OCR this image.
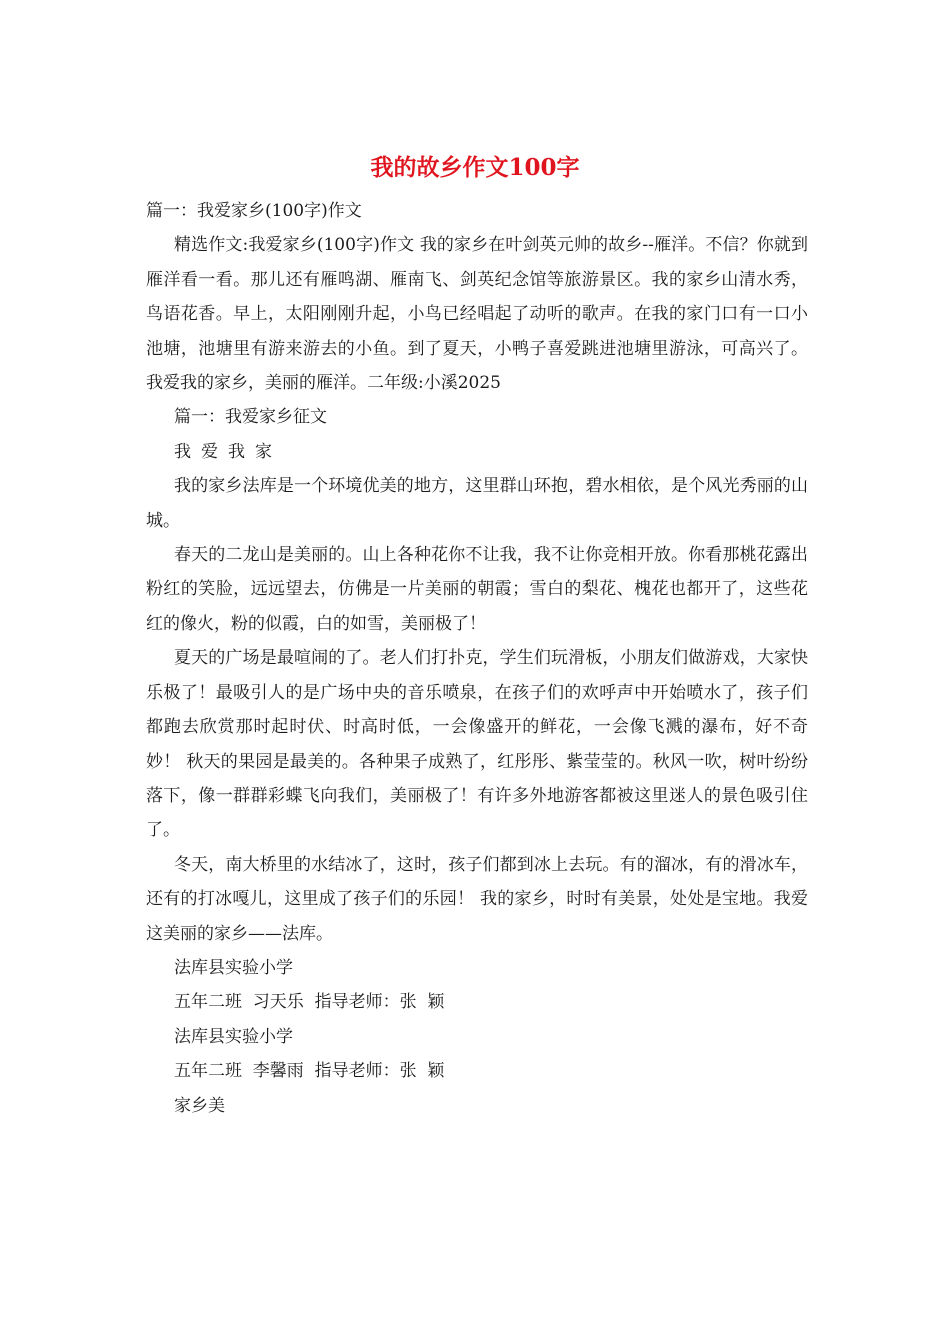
我的故乡作文100字

篇一：我爱家乡(100字)作文

精选作文:我爱家乡(100字)作文 我的家乡在叶剑英元帅的故乡--雁洋。不信？你就到雁洋看一看。那儿还有雁鸣湖、雁南飞、剑英纪念馆等旅游景区。我的家乡山清水秀，鸟语花香。早上，太阳刚刚升起，小鸟已经唱起了动听的歌声。在我的家门口有一口小池塘，池塘里有游来游去的小鱼。到了夏天，小鸭子喜爱跳进池塘里游泳，可高兴了。 我爱我的家乡，美丽的雁洋。二年级:小溪2025

篇一：我爱家乡征文

我爱我家

我的家乡法库是一个环境优美的地方，这里群山环抱，碧水相依，是个风光秀丽的山城。

春天的二龙山是美丽的。山上各种花你不让我，我不让你竞相开放。你看那桃花露出粉红的笑脸，远远望去，仿佛是一片美丽的朝霞；雪白的梨花、槐花也都开了，这些花红的像火，粉的似霞，白的如雪，美丽极了！

夏天的广场是最喧闹的了。老人们打扑克，学生们玩滑板，小朋友们做游戏，大家快乐极了！最吸引人的是广场中央的音乐喷泉，在孩子们的欢呼声中开始喷水了，孩子们都跑去欣赏那时起时伏、时高时低，一会像盛开的鲜花，一会像飞溅的瀑布，好不奇妙！ 秋天的果园是最美的。各种果子成熟了，红彤彤、紫莹莹的。秋风一吹，树叶纷纷落下，像一群群彩蝶飞向我们，美丽极了！有许多外地游客都被这里迷人的景色吸引住了。

冬天，南大桥里的水结冰了，这时，孩子们都到冰上去玩。有的溜冰，有的滑冰车，还有的打冰嘎儿，这里成了孩子们的乐园！ 我的家乡，时时有美景，处处是宝地。我爱这美丽的家乡——法库。

法库县实验小学

五年二班  习天乐  指导老师：张  颖

法库县实验小学

五年二班  李馨雨  指导老师：张  颖

家乡美
